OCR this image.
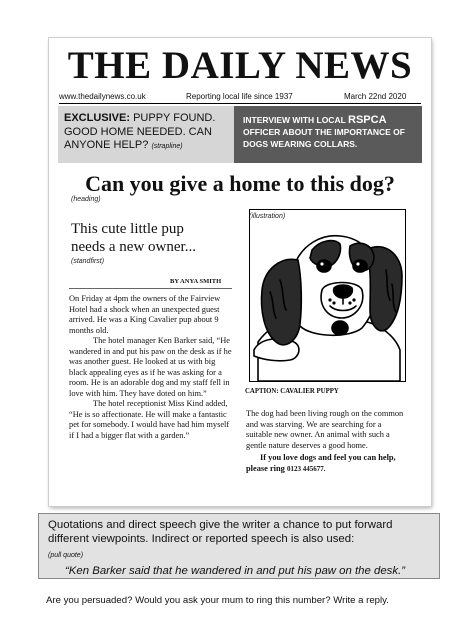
THE DAILY NEWS
www.thedailynews.co.uk	Reporting local life since 1937	March 22nd 2020
EXCLUSIVE: PUPPY FOUND. GOOD HOME NEEDED. CAN ANYONE HELP? (strapline)
INTERVIEW WITH LOCAL RSPCA OFFICER ABOUT THE IMPORTANCE OF DOGS WEARING COLLARS.
Can you give a home to this dog?
(heading)
This cute little pup
needs a new owner...
(standfirst)
BY ANYA SMITH

On Friday at 4pm the owners of the Fairview Hotel had a shock when an unexpected guest arrived. He was a King Cavalier pup about 9 months old.

The hotel manager Ken Barker said, “He wandered in and put his paw on the desk as if he was another guest. He looked at us with big black appealing eyes as if he was asking for a room. He is an adorable dog and my staff fell in love with him. They have doted on him.”

The hotel receptionist Miss Kind added, “He is so affectionate. He will make a fantastic pet for somebody. I would have had him myself if I had a bigger flat with a garden.”

(illustration)
CAPTION: CAVALIER PUPPY

The dog had been living rough on the common and was starving. We are searching for a suitable new owner. An animal with such a gentle nature deserves a good home.

If you love dogs and feel you can help, please ring 0123 445677.

Quotations and direct speech give the writer a chance to put forward different viewpoints. Indirect or reported speech is also used:
(pull quote)
“Ken Barker said that he wandered in and put his paw on the desk.”
Are you persuaded? Would you ask your mum to ring this number? Write a reply.
